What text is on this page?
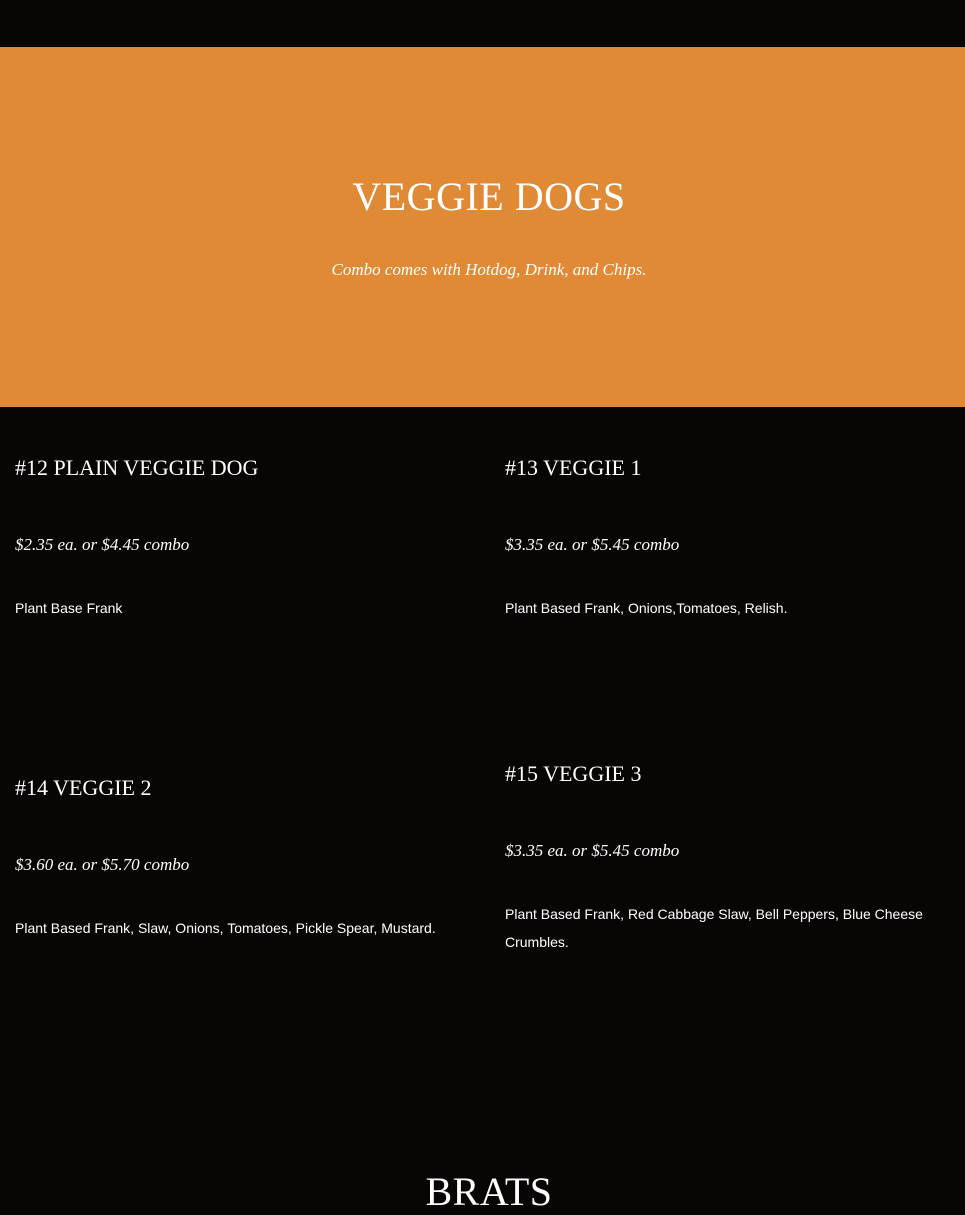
VEGGIE DOGS
Combo comes with Hotdog, Drink, and Chips.
#12 PLAIN VEGGIE DOG
$2.35 ea. or $4.45 combo
Plant Base Frank
#13 VEGGIE 1
$3.35 ea. or $5.45 combo
Plant Based Frank, Onions,Tomatoes, Relish.
#14 VEGGIE 2
$3.60 ea. or $5.70 combo
Plant Based Frank, Slaw, Onions, Tomatoes, Pickle Spear, Mustard.
#15 VEGGIE 3
$3.35 ea. or $5.45 combo
Plant Based Frank, Red Cabbage Slaw, Bell Peppers, Blue Cheese Crumbles.
BRATS
